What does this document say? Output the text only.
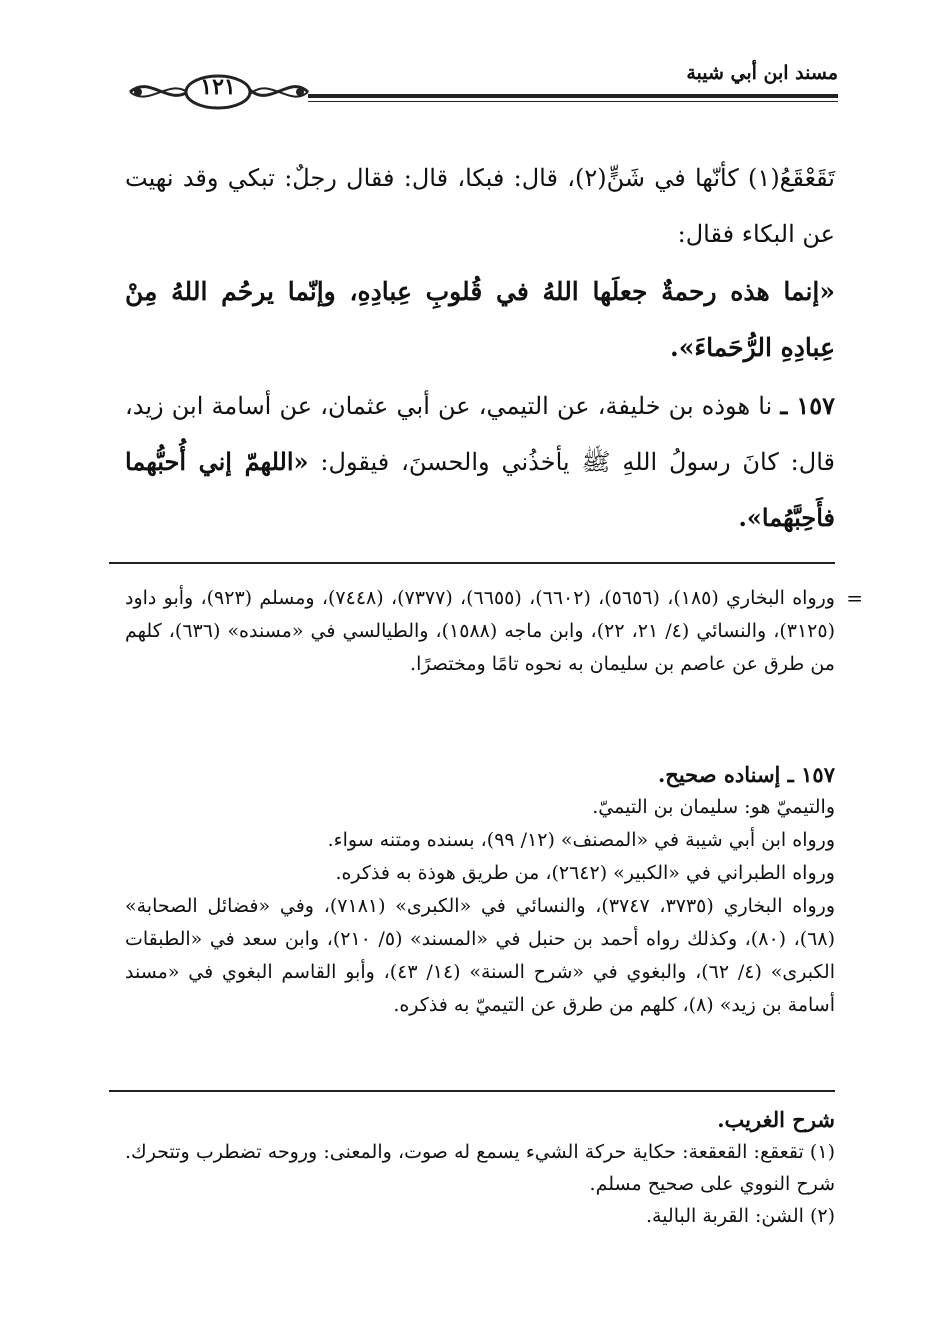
١٢١
مسند ابن أبي شيبة
تَقَعْقَعُ(١) كأنّها في شَنٍّ(٢)، قال: فبكا، قال: فقال رجلٌ: تبكي وقد نهيت عن البكاء فقال:
«إنما هذه رحمةٌ جعلَها اللهُ في قُلوبِ عِبادِهِ، وإنّما يرحُم اللهُ مِنْ عِبادِهِ الرُّحَماءَ».
١٥٧ ـ نا هوذه بن خليفة، عن التيمي، عن أبي عثمان، عن أسامة ابن زيد، قال: كانَ رسولُ اللهِ ﷺ يأخذُني والحسنَ، فيقول: «اللهمّ إني أُحبُّهما فأَحِبَّهُما».
=
ورواه البخاري (١٨٥)، (٥٦٥٦)، (٦٦٠٢)، (٦٦٥٥)، (٧٣٧٧)، (٧٤٤٨)، ومسلم (٩٢٣)، وأبو داود (٣١٢٥)، والنسائي (٤/ ٢١، ٢٢)، وابن ماجه (١٥٨٨)، والطيالسي في «مسنده» (٦٣٦)، كلهم من طرق عن عاصم بن سليمان به نحوه تامًا ومختصرًا.
١٥٧ ـ إسناده صحيح.
والتيميّ هو: سليمان بن التيميّ.
ورواه ابن أبي شيبة في «المصنف» (١٢/ ٩٩)، بسنده ومتنه سواء.
ورواه الطبراني في «الكبير» (٢٦٤٢)، من طريق هوذة به فذكره.
ورواه البخاري (٣٧٣٥، ٣٧٤٧)، والنسائي في «الكبرى» (٧١٨١)، وفي «فضائل الصحابة» (٦٨)، (٨٠)، وكذلك رواه أحمد بن حنبل في «المسند» (٥/ ٢١٠)، وابن سعد في «الطبقات الكبرى» (٤/ ٦٢)، والبغوي في «شرح السنة» (١٤/ ٤٣)، وأبو القاسم البغوي في «مسند أسامة بن زيد» (٨)، كلهم من طرق عن التيميّ به فذكره.
شرح الغريب.
(١) تقعقع: القعقعة: حكاية حركة الشيء يسمع له صوت، والمعنى: وروحه تضطرب وتتحرك. شرح النووي على صحيح مسلم.
(٢) الشن: القربة البالية.
